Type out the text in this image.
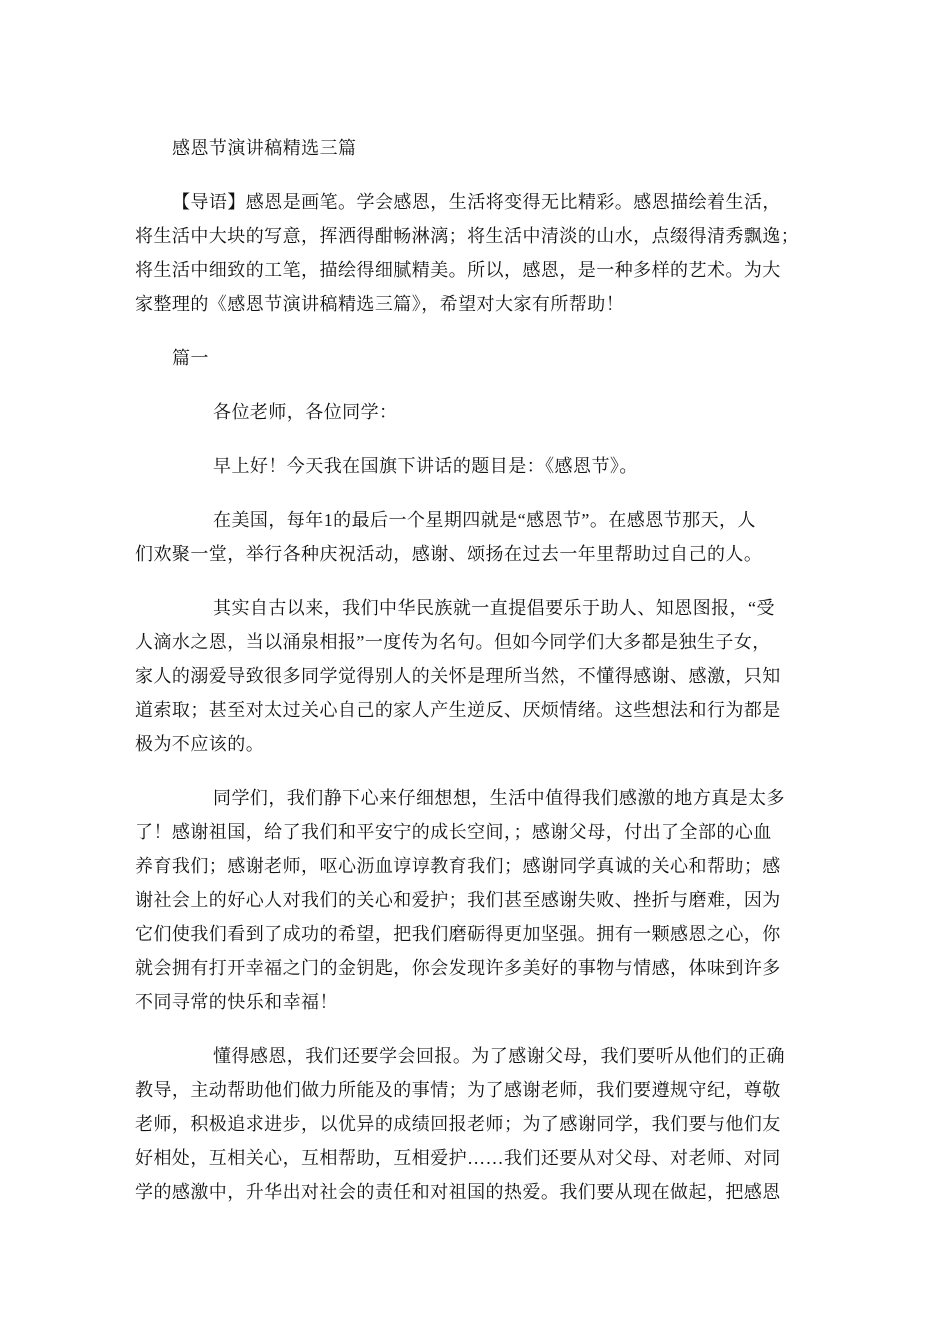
感恩节演讲稿精选三篇
【导语】感恩是画笔。学会感恩，生活将变得无比精彩。感恩描绘着生活，
将生活中大块的写意，挥洒得酣畅淋漓；将生活中清淡的山水，点缀得清秀飘逸；
将生活中细致的工笔，描绘得细腻精美。所以，感恩，是一种多样的艺术。为大
家整理的《感恩节演讲稿精选三篇》，希望对大家有所帮助！
篇一
各位老师，各位同学：
早上好！今天我在国旗下讲话的题目是：《感恩节》。
在美国，每年1的最后一个星期四就是“感恩节”。在感恩节那天，人
们欢聚一堂，举行各种庆祝活动，感谢、颂扬在过去一年里帮助过自己的人。
其实自古以来，我们中华民族就一直提倡要乐于助人、知恩图报，“受
人滴水之恩，当以涌泉相报”一度传为名句。但如今同学们大多都是独生子女，
家人的溺爱导致很多同学觉得别人的关怀是理所当然，不懂得感谢、感激，只知
道索取；甚至对太过关心自己的家人产生逆反、厌烦情绪。这些想法和行为都是
极为不应该的。
同学们，我们静下心来仔细想想，生活中值得我们感激的地方真是太多
了！感谢祖国，给了我们和平安宁的成长空间，；感谢父母，付出了全部的心血
养育我们；感谢老师，呕心沥血谆谆教育我们；感谢同学真诚的关心和帮助；感
谢社会上的好心人对我们的关心和爱护；我们甚至感谢失败、挫折与磨难，因为
它们使我们看到了成功的希望，把我们磨砺得更加坚强。拥有一颗感恩之心，你
就会拥有打开幸福之门的金钥匙，你会发现许多美好的事物与情感，体味到许多
不同寻常的快乐和幸福！
懂得感恩，我们还要学会回报。为了感谢父母，我们要听从他们的正确
教导，主动帮助他们做力所能及的事情；为了感谢老师，我们要遵规守纪，尊敬
老师，积极追求进步，以优异的成绩回报老师；为了感谢同学，我们要与他们友
好相处，互相关心，互相帮助，互相爱护……我们还要从对父母、对老师、对同
学的感激中，升华出对社会的责任和对祖国的热爱。我们要从现在做起，把感恩
